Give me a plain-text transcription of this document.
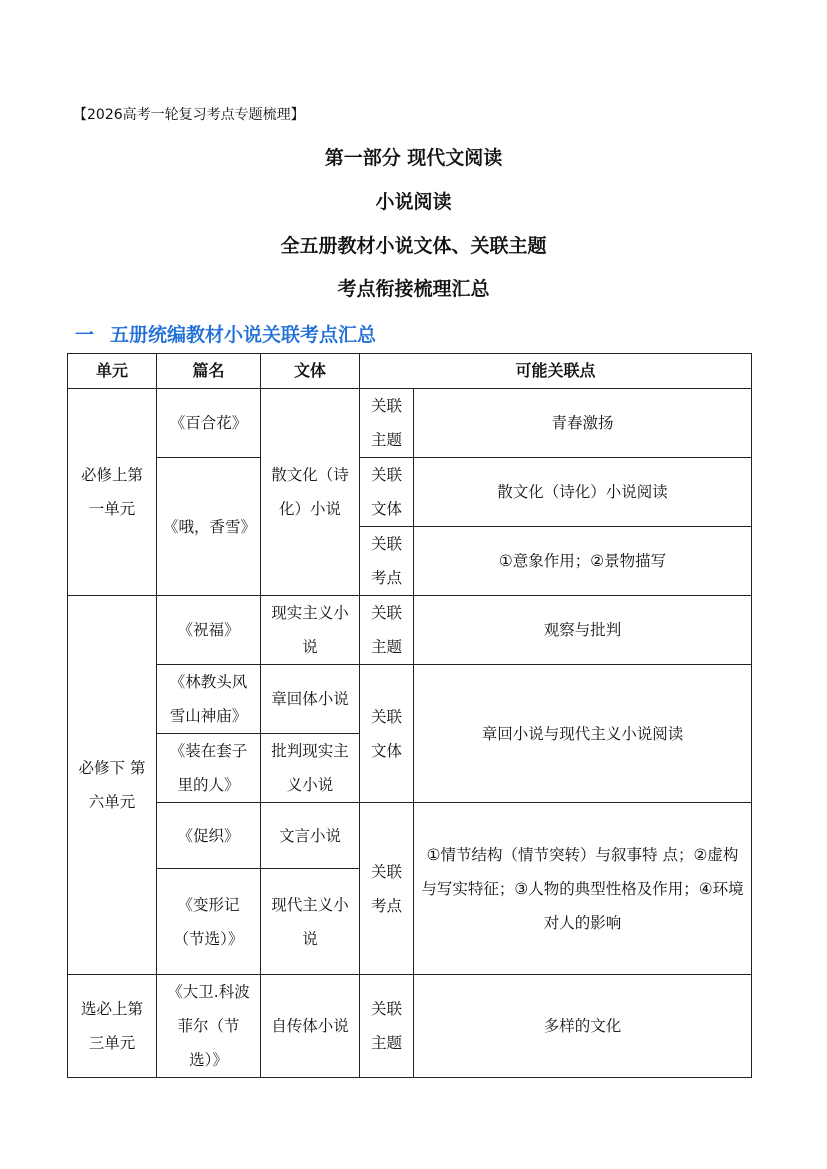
【2026高考一轮复习考点专题梳理】
第一部分 现代文阅读
小说阅读
全五册教材小说文体、关联主题
考点衔接梳理汇总
一 五册统编教材小说关联考点汇总
单元	篇名	文体	可能关联点	
必修上第一单元	《百合花》	散文化（诗化）小说	关联主题	青春激扬
	《哦，香雪》		关联文体	散文化（诗化）小说阅读
			关联考点	①意象作用；②景物描写
必修下 第六单元	《祝福》	现实主义小说	关联主题	观察与批判
	《林教头风雪山神庙》	章回体小说	关联文体	章回小说与现代主义小说阅读
	《装在套子里的人》	批判现实主义小说		
	《促织》	文言小说	关联考点	①情节结构（情节突转）与叙事特 点；②虚构与写实特征；③人物的典型性格及作用；④环境对人的影响
	《变形记（节选）》	现代主义小说		
选必上第三单元	《大卫.科波菲尔（节选）》	自传体小说	关联主题	多样的文化
